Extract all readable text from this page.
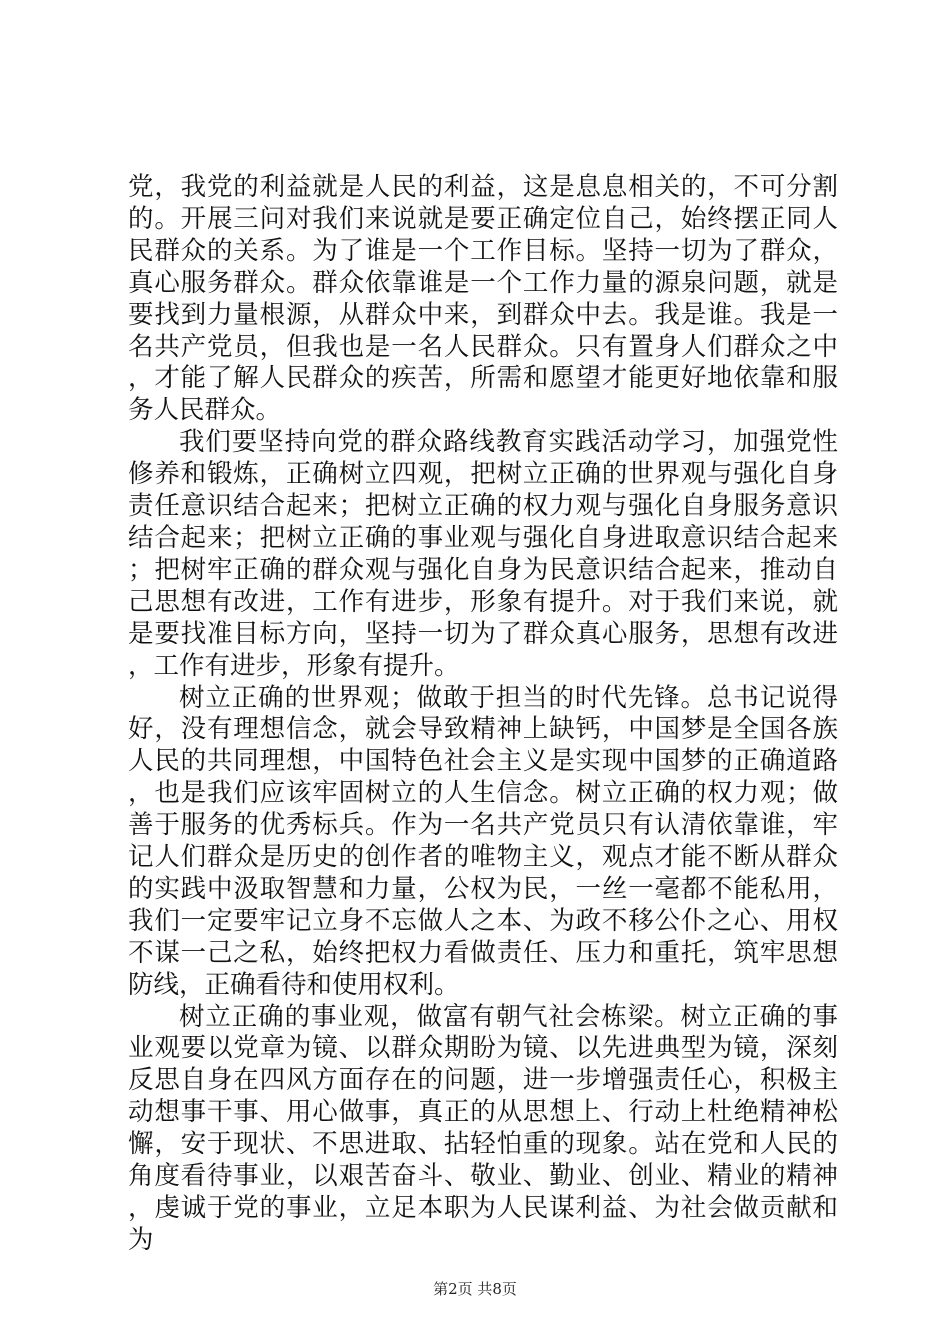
党，我党的利益就是人民的利益，这是息息相关的，不可分割的。开展三问对我们来说就是要正确定位自己，始终摆正同人民群众的关系。为了谁是一个工作目标。坚持一切为了群众，真心服务群众。群众依靠谁是一个工作力量的源泉问题，就是要找到力量根源，从群众中来，到群众中去。我是谁。我是一名共产党员，但我也是一名人民群众。只有置身人们群众之中，才能了解人民群众的疾苦，所需和愿望才能更好地依靠和服务人民群众。

我们要坚持向党的群众路线教育实践活动学习，加强党性修养和锻炼，正确树立四观，把树立正确的世界观与强化自身责任意识结合起来；把树立正确的权力观与强化自身服务意识结合起来；把树立正确的事业观与强化自身进取意识结合起来；把树牢正确的群众观与强化自身为民意识结合起来，推动自己思想有改进，工作有进步，形象有提升。对于我们来说，就是要找准目标方向，坚持一切为了群众真心服务，思想有改进，工作有进步，形象有提升。

树立正确的世界观；做敢于担当的时代先锋。总书记说得好，没有理想信念，就会导致精神上缺钙，中国梦是全国各族人民的共同理想，中国特色社会主义是实现中国梦的正确道路，也是我们应该牢固树立的人生信念。树立正确的权力观；做善于服务的优秀标兵。作为一名共产党员只有认清依靠谁，牢记人们群众是历史的创作者的唯物主义，观点才能不断从群众的实践中汲取智慧和力量，公权为民，一丝一毫都不能私用，我们一定要牢记立身不忘做人之本、为政不移公仆之心、用权不谋一己之私，始终把权力看做责任、压力和重托，筑牢思想防线，正确看待和使用权利。

树立正确的事业观，做富有朝气社会栋梁。树立正确的事业观要以党章为镜、以群众期盼为镜、以先进典型为镜，深刻反思自身在四风方面存在的问题，进一步增强责任心，积极主动想事干事、用心做事，真正的从思想上、行动上杜绝精神松懈，安于现状、不思进取、拈轻怕重的现象。站在党和人民的角度看待事业，以艰苦奋斗、敬业、勤业、创业、精业的精神，虔诚于党的事业，立足本职为人民谋利益、为社会做贡献和为

第2页 共8页
